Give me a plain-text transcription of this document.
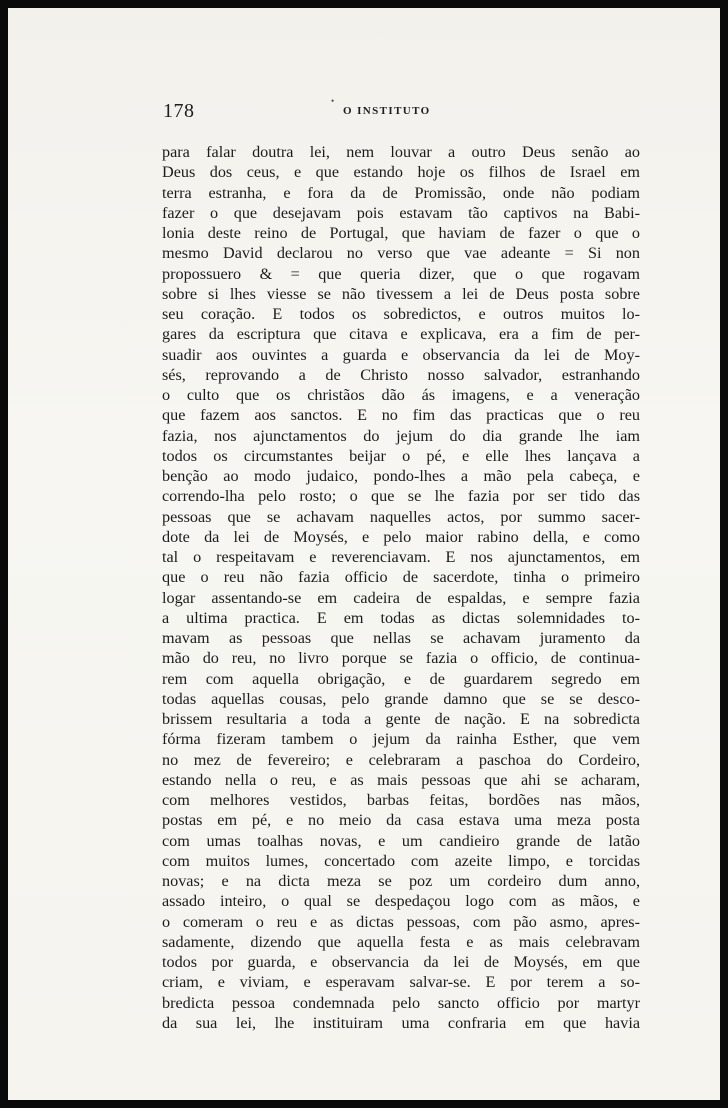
178	•
O INSTITUTO
para falar doutra lei, nem louvar a outro Deus senão ao
Deus dos ceus, e que estando hoje os filhos de Israel em
terra estranha, e fora da de Promissão, onde não podiam
fazer o que desejavam pois estavam tão captivos na Babi-
lonia deste reino de Portugal, que haviam de fazer o que o
mesmo David declarou no verso que vae adeante = Si non
propossuero & = que queria dizer, que o que rogavam
sobre si lhes viesse se não tivessem a lei de Deus posta sobre
seu coração. E todos os sobredictos, e outros muitos lo-
gares da escriptura que citava e explicava, era a fim de per-
suadir aos ouvintes a guarda e observancia da lei de Moy-
sés, reprovando a de Christo nosso salvador, estranhando
o culto que os christãos dão ás imagens, e a veneração
que fazem aos sanctos. E no fim das practicas que o reu
fazia, nos ajunctamentos do jejum do dia grande lhe iam
todos os circumstantes beijar o pé, e elle lhes lançava a
benção ao modo judaico, pondo-lhes a mão pela cabeça, e
correndo-lha pelo rosto; o que se lhe fazia por ser tido das
pessoas que se achavam naquelles actos, por summo sacer-
dote da lei de Moysés, e pelo maior rabino della, e como
tal o respeitavam e reverenciavam. E nos ajunctamentos, em
que o reu não fazia officio de sacerdote, tinha o primeiro
logar assentando-se em cadeira de espaldas, e sempre fazia
a ultima practica. E em todas as dictas solemnidades to-
mavam as pessoas que nellas se achavam juramento da
mão do reu, no livro porque se fazia o officio, de continua-
rem com aquella obrigação, e de guardarem segredo em
todas aquellas cousas, pelo grande damno que se se desco-
brissem resultaria a toda a gente de nação. E na sobredicta
fórma fizeram tambem o jejum da rainha Esther, que vem
no mez de fevereiro; e celebraram a paschoa do Cordeiro,
estando nella o reu, e as mais pessoas que ahi se acharam,
com melhores vestidos, barbas feitas, bordões nas mãos,
postas em pé, e no meio da casa estava uma meza posta
com umas toalhas novas, e um candieiro grande de latão
com muitos lumes, concertado com azeite limpo, e torcidas
novas; e na dicta meza se poz um cordeiro dum anno,
assado inteiro, o qual se despedaçou logo com as mãos, e
o comeram o reu e as dictas pessoas, com pão asmo, apres-
sadamente, dizendo que aquella festa e as mais celebravam
todos por guarda, e observancia da lei de Moysés, em que
criam, e viviam, e esperavam salvar-se. E por terem a so-
bredicta pessoa condemnada pelo sancto officio por martyr
da sua lei, lhe instituiram uma confraria em que havia
